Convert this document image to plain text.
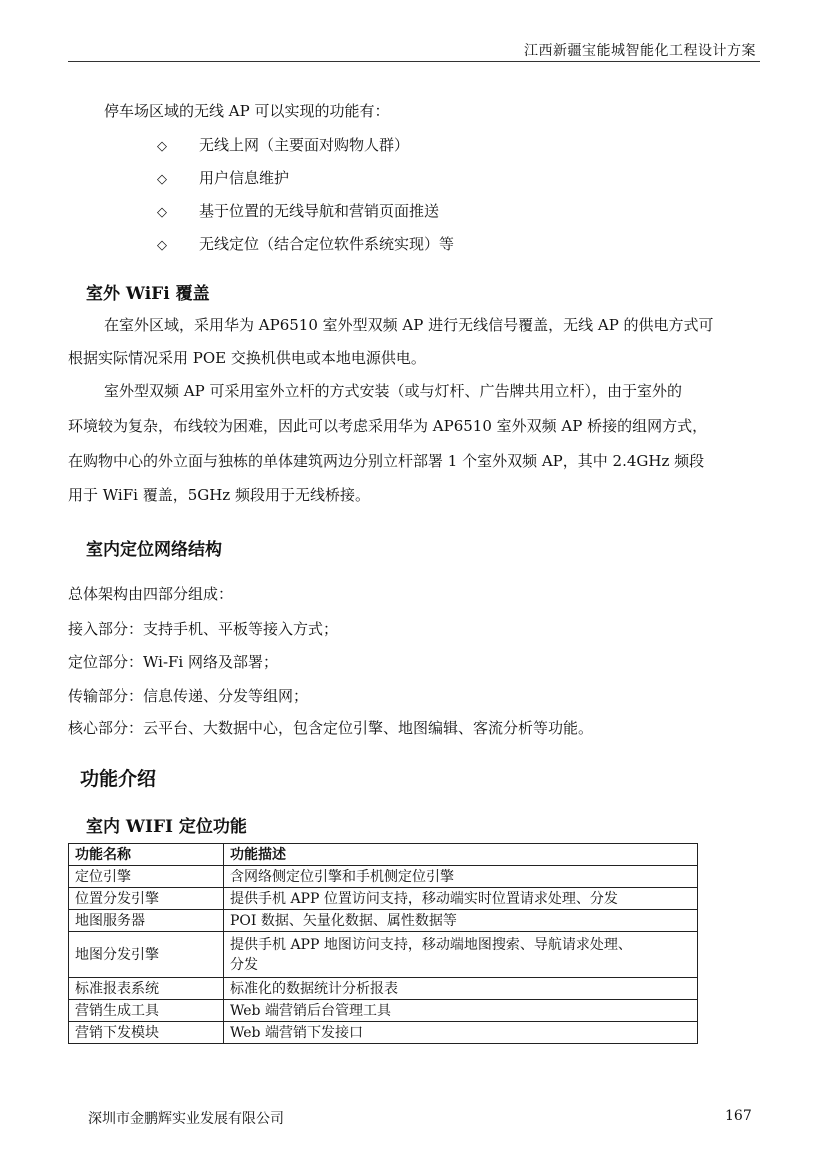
江西新疆宝能城智能化工程设计方案
停车场区域的无线 AP 可以实现的功能有：
◇ 无线上网（主要面对购物人群）
◇ 用户信息维护
◇ 基于位置的无线导航和营销页面推送
◇ 无线定位（结合定位软件系统实现）等
室外 WiFi 覆盖
在室外区域，采用华为 AP6510 室外型双频 AP 进行无线信号覆盖，无线 AP 的供电方式可
根据实际情况采用 POE 交换机供电或本地电源供电。
室外型双频 AP 可采用室外立杆的方式安装（或与灯杆、广告牌共用立杆），由于室外的
环境较为复杂，布线较为困难，因此可以考虑采用华为 AP6510 室外双频 AP 桥接的组网方式，
在购物中心的外立面与独栋的单体建筑两边分别立杆部署 1 个室外双频 AP，其中 2.4GHz 频段
用于 WiFi 覆盖，5GHz 频段用于无线桥接。
室内定位网络结构
总体架构由四部分组成：
接入部分：支持手机、平板等接入方式；
定位部分：Wi-Fi 网络及部署；
传输部分：信息传递、分发等组网；
核心部分：云平台、大数据中心，包含定位引擎、地图编辑、客流分析等功能。
功能介绍
室内 WIFI 定位功能
功能名称	功能描述
定位引擎	含网络侧定位引擎和手机侧定位引擎
位置分发引擎	提供手机 APP 位置访问支持，移动端实时位置请求处理、分发
地图服务器	POI 数据、矢量化数据、属性数据等
地图分发引擎	提供手机 APP 地图访问支持，移动端地图搜索、导航请求处理、
分发
标准报表系统	标准化的数据统计分析报表
营销生成工具	Web 端营销后台管理工具
营销下发模块	Web 端营销下发接口
深圳市金鹏辉实业发展有限公司	167
